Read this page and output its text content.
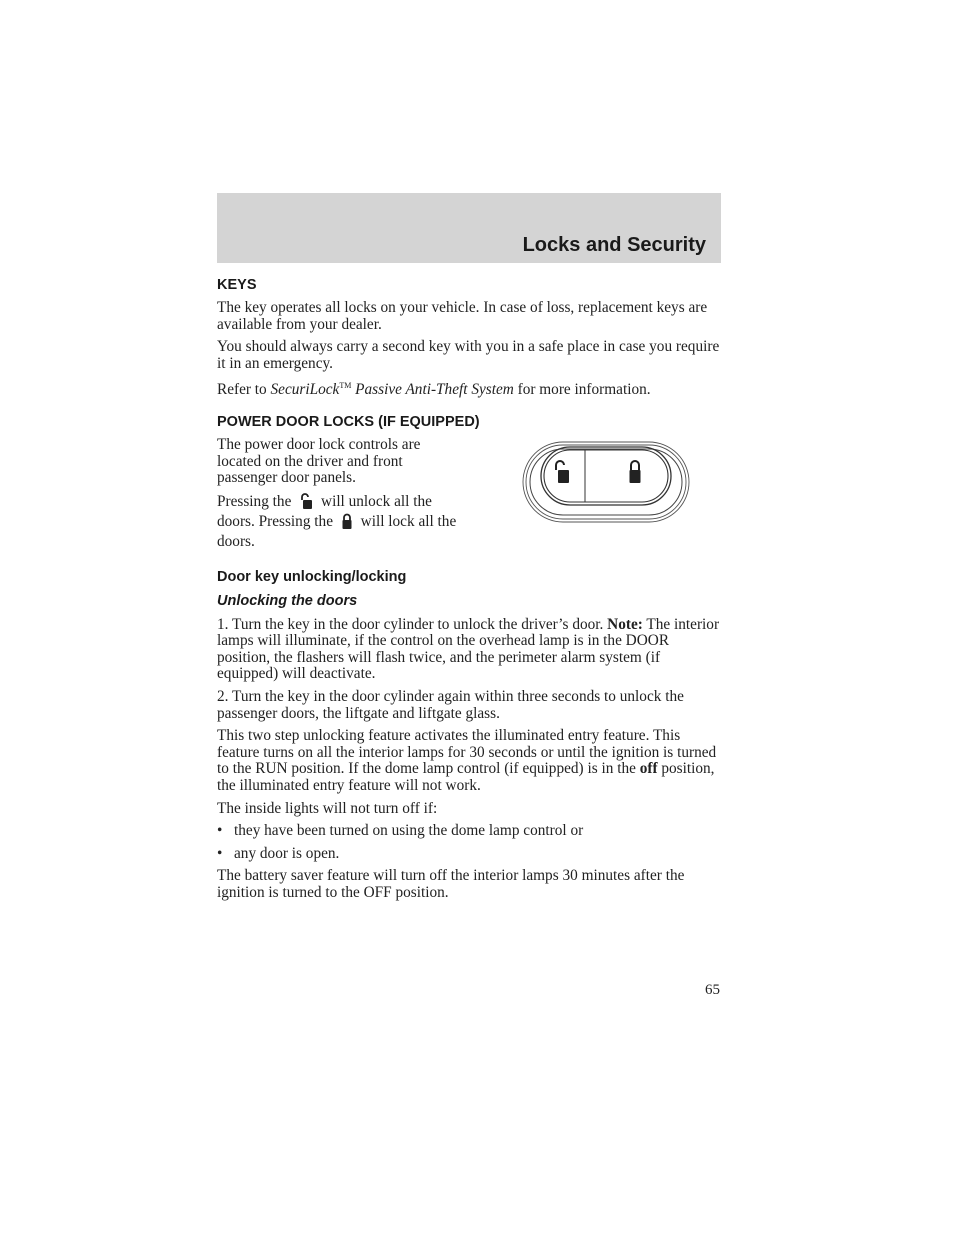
Locks and Security
KEYS

The key operates all locks on your vehicle. In case of loss, replacement keys are available from your dealer.

You should always carry a second key with you in a safe place in case you require it in an emergency.

Refer to SecuriLock™ Passive Anti-Theft System for more information.

POWER DOOR LOCKS (IF EQUIPPED)

The power door lock controls are located on the driver and front passenger door panels.

Pressing the will unlock all the doors. Pressing the will lock all the doors.

Door key unlocking/locking
Unlocking the doors

1. Turn the key in the door cylinder to unlock the driver’s door. Note: The interior lamps will illuminate, if the control on the overhead lamp is in the DOOR position, the flashers will flash twice, and the perimeter alarm system (if equipped) will deactivate.

2. Turn the key in the door cylinder again within three seconds to unlock the passenger doors, the liftgate and liftgate glass.

This two step unlocking feature activates the illuminated entry feature. This feature turns on all the interior lamps for 30 seconds or until the ignition is turned to the RUN position. If the dome lamp control (if equipped) is in the off position, the illuminated entry feature will not work.

The inside lights will not turn off if:

• they have been turned on using the dome lamp control or
• any door is open.

The battery saver feature will turn off the interior lamps 30 minutes after the ignition is turned to the OFF position.

65
